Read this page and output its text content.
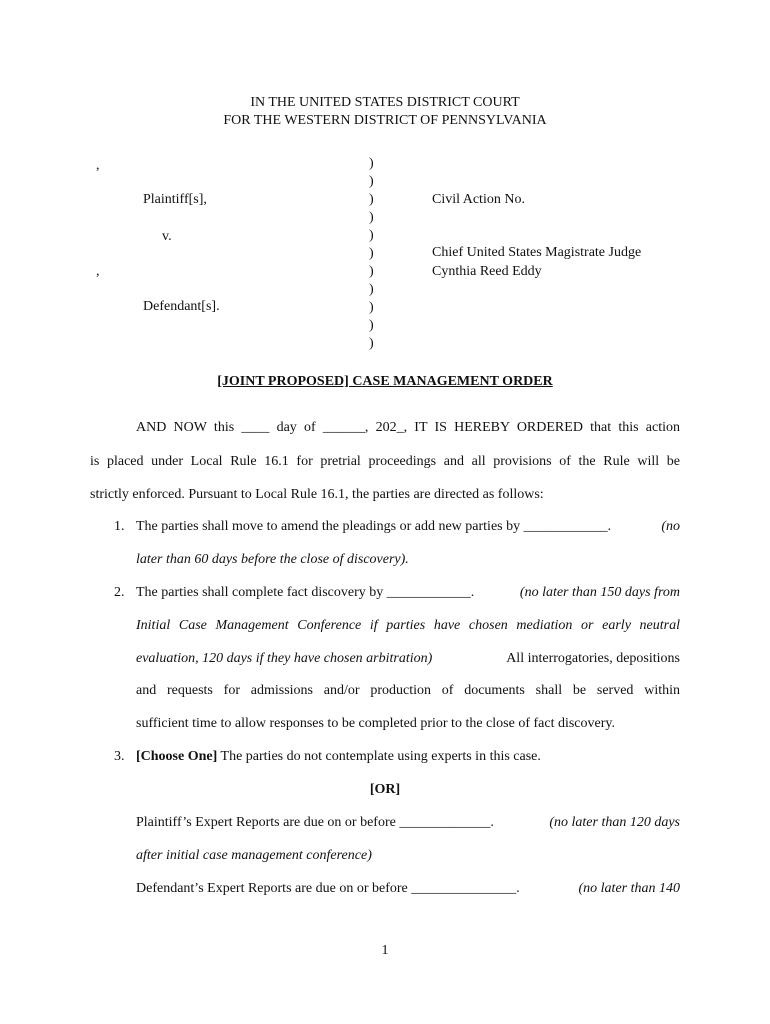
IN THE UNITED STATES DISTRICT COURT
FOR THE WESTERN DISTRICT OF PENNSYLVANIA
,
Plaintiff[s],
v.
,
Defendant[s].
)
)
)
)
)
)
)
)
)
)
)
Civil Action No.
Chief United States Magistrate Judge
Cynthia Reed Eddy
[JOINT PROPOSED] CASE MANAGEMENT ORDER
AND NOW this ____ day of ______, 202_, IT IS HEREBY ORDERED that this action
is placed under Local Rule 16.1 for pretrial proceedings and all provisions of the Rule will be
strictly enforced. Pursuant to Local Rule 16.1, the parties are directed as follows:
1. The parties shall move to amend the pleadings or add new parties by ____________.	(no
later than 60 days before the close of discovery).
2. The parties shall complete fact discovery by ____________.	(no later than 150 days from
Initial Case Management Conference if parties have chosen mediation or early neutral
evaluation, 120 days if they have chosen arbitration)	All interrogatories, depositions
and requests for admissions and/or production of documents shall be served within
sufficient time to allow responses to be completed prior to the close of fact discovery.
3. [Choose One] The parties do not contemplate using experts in this case.
[OR]
Plaintiff’s Expert Reports are due on or before _____________.	(no later than 120 days
after initial case management conference)
Defendant’s Expert Reports are due on or before _______________.	(no later than 140
1
